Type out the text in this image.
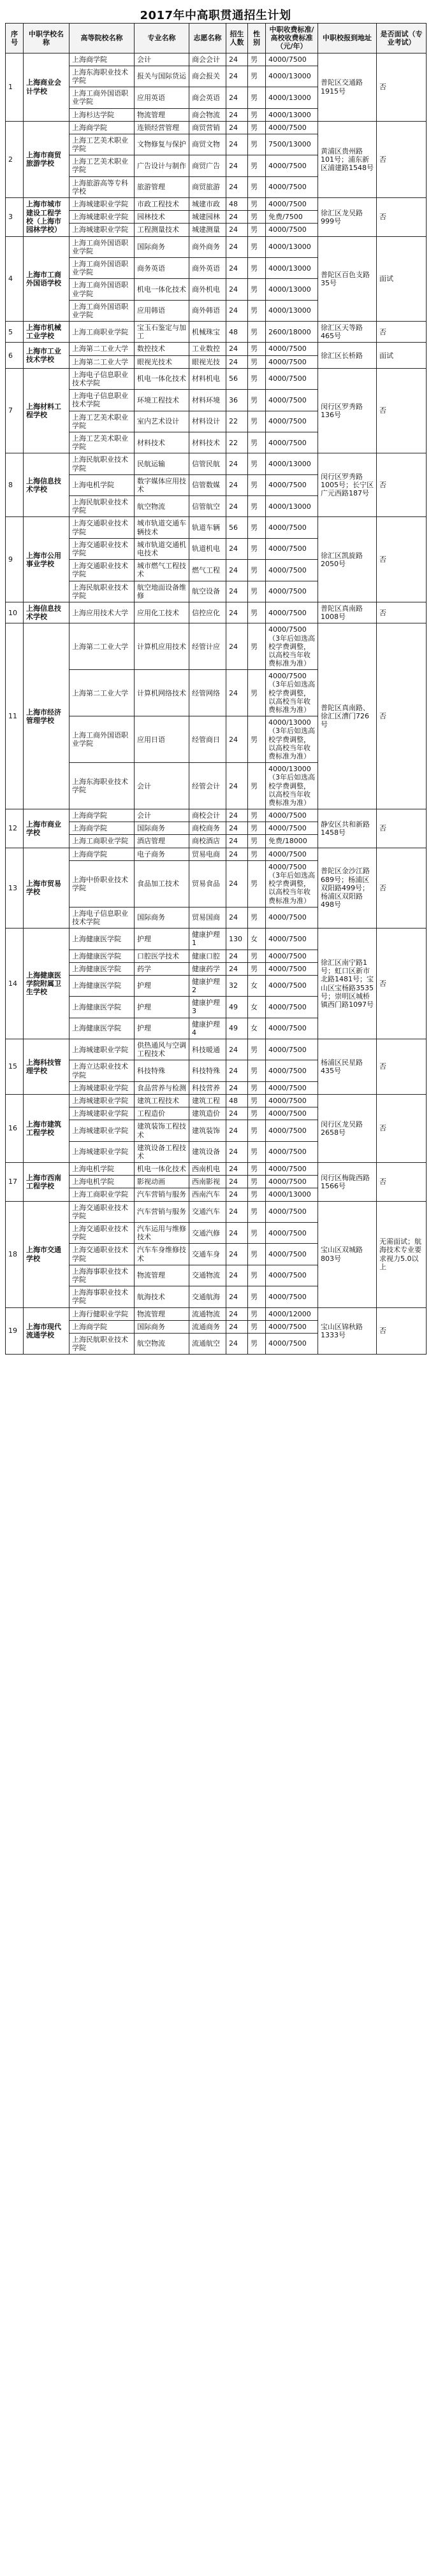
2017年中高职贯通招生计划
序号	中职学校名称	高等院校名称	专业名称	志愿名称	招生人数	性别	中职收费标准/高校收费标准（元/年）	中职校报到地址	是否面试（专业考试）
1	上海商业会计学校	上海商学院	会计	商会会计	24	男	4000/7500	普陀区交通路1915号	否
		上海东海职业技术学院	报关与国际货运	商会报关	24	男	4000/13000		
		上海工商外国语职业学院	应用英语	商会英语	24	男	4000/13000		
		上海杉达学院	物流管理	商会物流	24	男	4000/13000		
2	上海市商贸旅游学校	上海商学院	连锁经营管理	商贸营销	24	男	4000/7500	黄浦区贵州路101号；浦东新区浦建路1548号	否
		上海工艺美术职业学院	文物修复与保护	商贸文物	24	男	7500/13000		
		上海工艺美术职业学院	广告设计与制作	商贸广告	24	男	4000/7500		
		上海旅游高等专科学校	旅游管理	商贸旅游	24	男	4000/7500		
3	上海市城市建设工程学校（上海市园林学校）	上海城建职业学院	市政工程技术	城建市政	48	男	4000/7500	徐汇区龙吴路999号	否
		上海城建职业学院	园林技术	城建园林	24	男	免费/7500		
		上海城建职业学院	工程测量技术	城建测量	24	男	4000/7500		
4	上海市工商外国语学校	上海工商外国语职业学院	国际商务	商外商务	24	男	4000/13000	普陀区百色支路35号	面试
		上海工商外国语职业学院	商务英语	商外英语	24	男	4000/13000		
		上海工商外国语职业学院	机电一体化技术	商外机电	24	男	4000/13000		
		上海工商外国语职业学院	应用韩语	商外韩语	24	男	4000/13000		
5	上海市机械工业学校	上海工商职业学院	宝玉石鉴定与加工	机械珠宝	48	男	2600/18000	徐汇区天等路465号	否
6	上海市工业技术学校	上海第二工业大学	数控技术	工业数控	24	男	4000/7500	徐汇区长桥路	面试
		上海第二工业大学	眼视光技术	眼视光技	24	男	4000/7500		
7	上海材料工程学校	上海电子信息职业技术学院	机电一体化技术	材料机电	56	男	4000/7500	闵行区罗秀路136号	否
		上海电子信息职业技术学院	环境工程技术	材料环境	36	男	4000/7500		
		上海工艺美术职业学院	室内艺术设计	材料设计	22	男	4000/7500		
		上海工艺美术职业学院	材料技术	材料技术	22	男	4000/7500		
8	上海信息技术学校	上海民航职业技术学院	民航运输	信管民航	24	男	4000/13000	闵行区罗秀路1005号；长宁区广元西路187号	否
		上海电机学院	数字媒体应用技术	信管数媒	24	男	4000/7500		
		上海民航职业技术学院	航空物流	信管航空	24	男	4000/13000		
9	上海市公用事业学校	上海交通职业技术学院	城市轨道交通车辆技术	轨道车辆	56	男	4000/7500	徐汇区凯旋路2050号	否
		上海交通职业技术学院	城市轨道交通机电技术	轨道机电	24	男	4000/7500		
		上海交通职业技术学院	城市燃气工程技术	燃气工程	24	男	4000/7500		
		上海民航职业技术学院	航空地面设备维修	航空设备	24	男	4000/7500		
10	上海信息技术学校	上海应用技术大学	应用化工技术	信控应化	24	男	4000/7500	普陀区真南路1008号	否
11	上海市经济管理学校	上海第二工业大学	计算机应用技术	经管计应	24	男	4000/7500（3年后如选高校学费调整，以高校当年收费标准为准）	普陀区真南路、徐汇区漕门726号	否
		上海第二工业大学	计算机网络技术	经管网络	24	男	4000/7500（3年后如选高校学费调整，以高校当年收费标准为准）		
		上海工商外国语职业学院	应用日语	经管商日	24	男	4000/13000（3年后如选高校学费调整，以高校当年收费标准为准）		
		上海东海职业技术学院	会计	经管会计	24	男	4000/13000（3年后如选高校学费调整，以高校当年收费标准为准）		
12	上海市商业学校	上海商学院	会计	商校会计	24	男	4000/7500	静安区共和新路1458号	否
		上海商学院	国际商务	商校商务	24	男	4000/7500		
		上海工商职业学院	酒店管理	商校酒店	24	男	免费/18000		
13	上海市贸易学校	上海商学院	电子商务	贸易电商	24	男	4000/7500	普陀区金沙江路689号；杨浦区双阳路499号；杨浦区双阳路498号	否
		上海中侨职业技术学院	食品加工技术	贸易食品	24	男	4000/7500（3年后如选高校学费调整，以高校当年收费标准为准）		
		上海电子信息职业技术学院	国际商务	贸易国商	24	男	4000/7500		
14	上海健康医学院附属卫生学校	上海健康医学院	护理	健康护理1	130	女	4000/7500	徐汇区南宁路1号；虹口区新市北路1481号；宝山区宝杨路3535号；崇明区城桥镇西门路1097号	否
		上海健康医学院	口腔医学技术	健康口腔	24	男	4000/7500		
		上海健康医学院	药学	健康药学	24	男	4000/7500		
		上海健康医学院	护理	健康护理2	32	女	4000/7500		
		上海健康医学院	护理	健康护理3	49	女	4000/7500		
		上海健康医学院	护理	健康护理4	49	女	4000/7500		
15	上海科技管理学校	上海城建职业学院	供热通风与空调工程技术	科技暖通	24	男	4000/7500	杨浦区民星路435号	否
		上海立达职业技术学院	科技特殊	科技特殊	24	男	4000/7500		
		上海城建职业学院	食品营养与检测	科技营养	24	男	4000/7500		
16	上海市建筑工程学校	上海城建职业学院	建筑工程技术	建筑工程	48	男	4000/7500	闵行区龙吴路2658号	否
		上海城建职业学院	工程造价	建筑造价	24	男	4000/7500		
		上海城建职业学院	建筑装饰工程技术	建筑装饰	24	男	4000/7500		
		上海城建职业学院	建筑设备工程技术	建筑设备	24	男	4000/7500		
17	上海市西南工程学校	上海电机学院	机电一体化技术	西南机电	24	男	4000/7500	闵行区梅陇西路1566号	否
		上海电机学院	影视动画	西南影视	24	男	4000/7500		
		上海工商职业学院	汽车营销与服务	西南汽车	24	男	4000/13000		
18	上海市交通学校	上海交通职业技术学院	汽车营销与服务	交通汽车	24	男	4000/7500	宝山区双城路803号	无需面试；航海技术专业要求视力5.0以上
		上海交通职业技术学院	汽车运用与维修技术	交通汽修	24	男	4000/7500		
		上海交通职业技术学院	汽车车身维修技术	交通车身	24	男	4000/7500		
		上海海事职业技术学院	物流管理	交通物流	24	男	4000/7500		
		上海海事职业技术学院	航海技术	交通航海	24	男	4000/7500		
19	上海市现代流通学校	上海行健职业学院	物流管理	流通物流	24	男	4000/12000	宝山区锦秋路1333号	否
		上海商学院	国际商务	流通商务	24	男	4000/7500		
		上海民航职业技术学院	航空物流	流通航空	24	男	4000/7500		
